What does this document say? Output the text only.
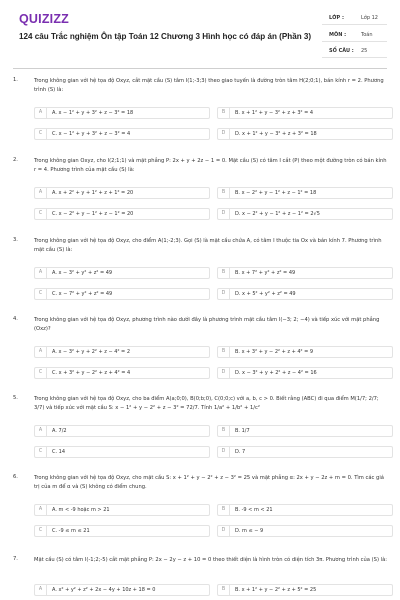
QUIZIZZ
124 câu Trắc nghiệm Ôn tập Toán 12 Chương 3 Hình học có đáp án (Phần 3)
LỚP :	Lớp 12
MÔN :	Toán
SỐ CÂU : 25
1.	Trong không gian với hệ tọa độ Oxyz, cắt mặt cầu (S) tâm I(1;-3;3) theo giao tuyến là đường tròn tâm H(2;0;1), bán kính r = 2. Phương trình (S) là:
A	A. x − 1² + y + 3² + z − 3² = 18	B	B. x + 1² + y − 3² + z + 3² = 4
C	C. x − 1² + y + 3² + z − 3² = 4	D	D. x + 1² + y − 3² + z + 3² = 18
2.	Trong không gian Oxyz, cho I(2;1;1) và mặt phẳng P: 2x + y + 2z − 1 = 0. Mặt cầu (S) có tâm I cắt (P) theo một đường tròn có bán kính r = 4. Phương trình của mặt cầu (S) là:
A	A. x + 2² + y + 1² + z + 1² = 20	B	B. x − 2² + y − 1² + z − 1² = 18
C	C. x − 2² + y − 1² + z − 1² = 20	D	D. x − 2² + y − 1² + z − 1² = 2√5
3.	Trong không gian với hệ tọa độ Oxyz, cho điểm A(1;-2;3). Gọi (S) là mặt cầu chứa A, có tâm I thuộc tia Ox và bán kính 7. Phương trình mặt cầu (S) là:
A	A. x − 3² + y² + z² = 49	B	B. x + 7² + y² + z² = 49
C	C. x − 7² + y² + z² = 49	D	D. x + 5² + y² + z² = 49
4.	Trong không gian với hệ tọa độ Oxyz, phương trình nào dưới đây là phương trình mặt cầu tâm I(−3; 2; −4) và tiếp xúc với mặt phẳng (Oxz)?
A	A. x − 3² + y + 2² + z − 4² = 2	B	B. x + 3² + y − 2² + z + 4² = 9
C	C. x + 3² + y − 2² + z + 4² = 4	D	D. x − 3² + y + 2² + z − 4² = 16
5.	Trong không gian với hệ tọa độ Oxyz, cho ba điểm A(a;0;0), B(0;b;0), C(0;0;c) với a, b, c > 0. Biết rằng (ABC) đi qua điểm M(1/7; 2/7; 3/7) và tiếp xúc với mặt cầu S: x − 1² + y − 2² + z − 3² = 72/7. Tính 1/a² + 1/b² + 1/c²
A	A. 7/2	B	B. 1/7
C	C. 14	D	D. 7
6.	Trong không gian với hệ tọa độ Oxyz, cho mặt cầu S: x + 1² + y − 2² + z − 3² = 25 và mặt phẳng α: 2x + y − 2z + m = 0. Tìm các giá trị của m để α và (S) không có điểm chung.
A	A. m < -9 hoặc m > 21	B	B. -9 < m < 21
C	C. -9 ≤ m ≤ 21	D	D. m ≤ − 9
7.	Mặt cầu (S) có tâm I(-1;2;-5) cắt mặt phẳng P: 2x − 2y − z + 10 = 0 theo thiết diện là hình tròn có diện tích 3π. Phương trình của (S) là:
A	A. x² + y² + z² + 2x − 4y + 10z + 18 = 0	B	B. x + 1² + y − 2² + z + 5² = 25
